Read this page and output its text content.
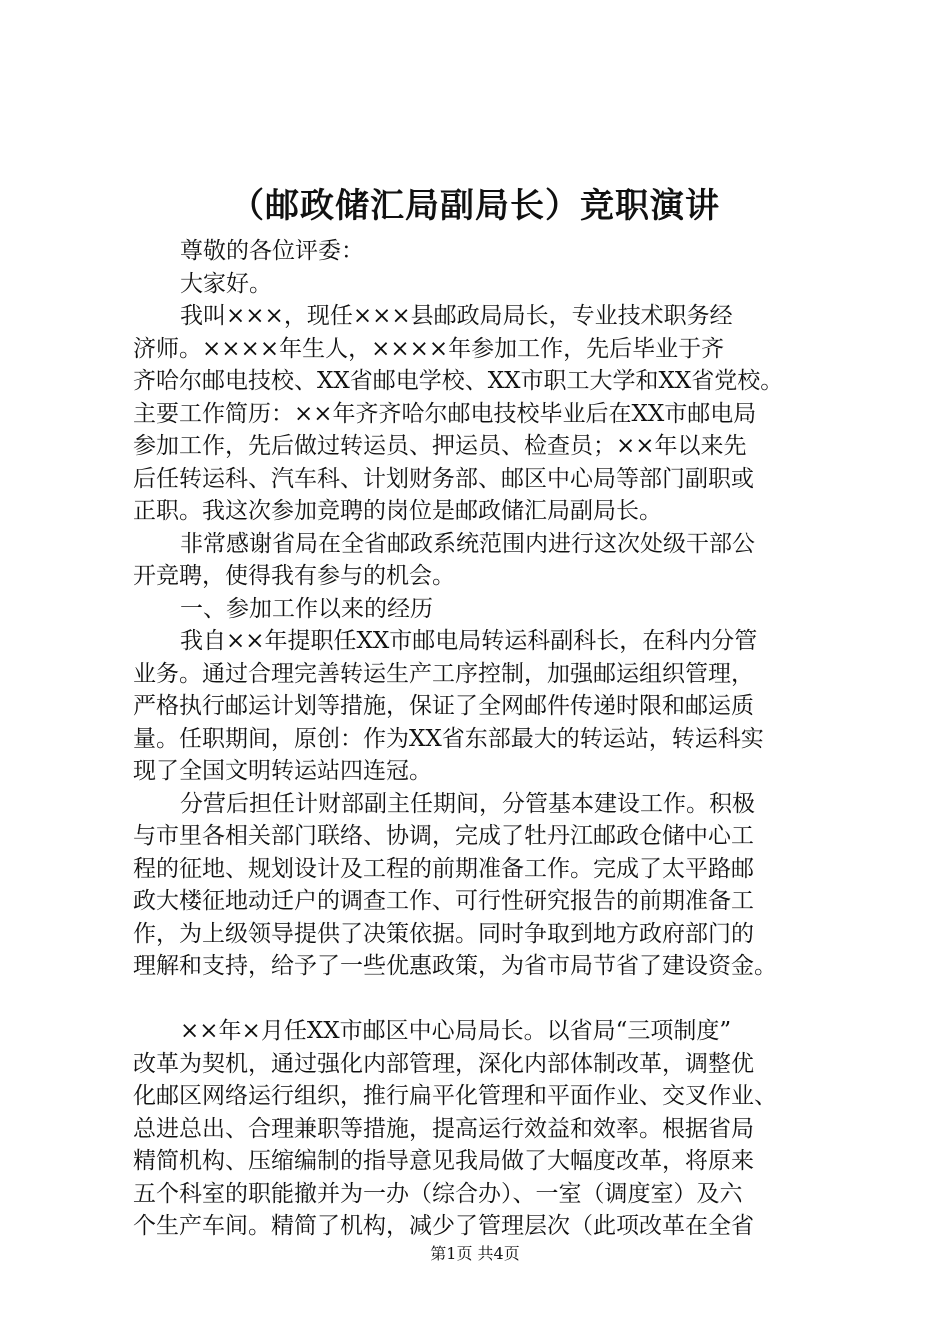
（邮政储汇局副局长）竞职演讲
尊敬的各位评委：
大家好。
我叫×××，现任×××县邮政局局长，专业技术职务经
济师。××××年生人，××××年参加工作，先后毕业于齐
齐哈尔邮电技校、XX省邮电学校、XX市职工大学和XX省党校。
主要工作简历：××年齐齐哈尔邮电技校毕业后在XX市邮电局
参加工作，先后做过转运员、押运员、检查员；××年以来先
后任转运科、汽车科、计划财务部、邮区中心局等部门副职或
正职。我这次参加竞聘的岗位是邮政储汇局副局长。
非常感谢省局在全省邮政系统范围内进行这次处级干部公
开竞聘，使得我有参与的机会。
一、参加工作以来的经历
我自××年提职任XX市邮电局转运科副科长，在科内分管
业务。通过合理完善转运生产工序控制，加强邮运组织管理，
严格执行邮运计划等措施，保证了全网邮件传递时限和邮运质
量。任职期间，原创：作为XX省东部最大的转运站，转运科实
现了全国文明转运站四连冠。
分营后担任计财部副主任期间，分管基本建设工作。积极
与市里各相关部门联络、协调，完成了牡丹江邮政仓储中心工
程的征地、规划设计及工程的前期准备工作。完成了太平路邮
政大楼征地动迁户的调查工作、可行性研究报告的前期准备工
作，为上级领导提供了决策依据。同时争取到地方政府部门的
理解和支持，给予了一些优惠政策，为省市局节省了建设资金。
××年×月任XX市邮区中心局局长。以省局“三项制度”
改革为契机，通过强化内部管理，深化内部体制改革，调整优
化邮区网络运行组织，推行扁平化管理和平面作业、交叉作业、
总进总出、合理兼职等措施，提高运行效益和效率。根据省局
精简机构、压缩编制的指导意见我局做了大幅度改革，将原来
五个科室的职能撤并为一办（综合办）、一室（调度室）及六
个生产车间。精简了机构，减少了管理层次（此项改革在全省
第1页 共4页
